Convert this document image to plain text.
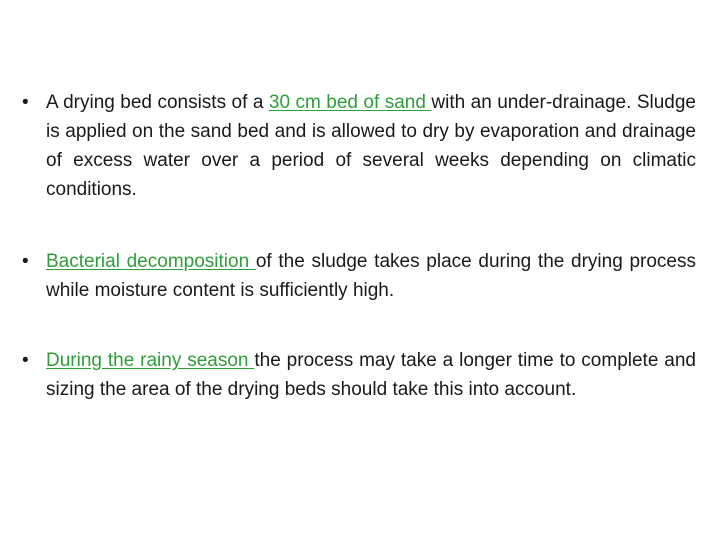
• A drying bed consists of a 30 cm bed of sand with an under-drainage. Sludge is applied on the sand bed and is allowed to dry by evaporation and drainage of excess water over a period of several weeks depending on climatic conditions.
• Bacterial decomposition of the sludge takes place during the drying process while moisture content is sufficiently high.
• During the rainy season the process may take a longer time to complete and sizing the area of the drying beds should take this into account.
